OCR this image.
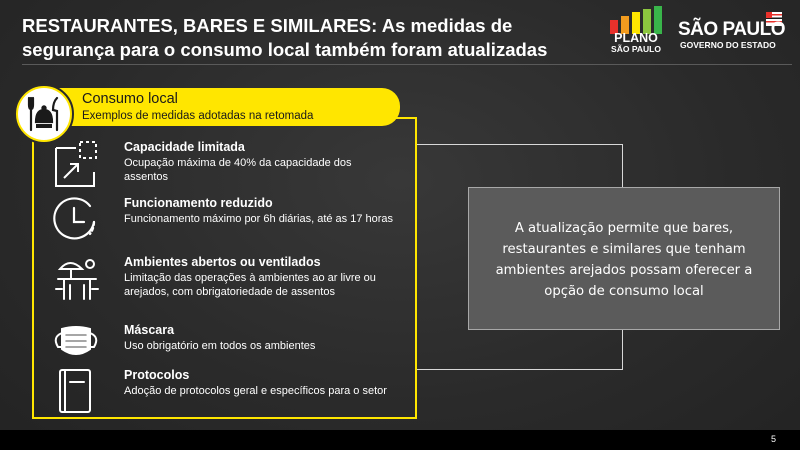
RESTAURANTES, BARES E SIMILARES: As medidas de segurança para o consumo local também foram atualizadas
PLANO
SÃO PAULO
SÃO PAULO
GOVERNO DO ESTADO
Consumo local
Exemplos de medidas adotadas na retomada
Capacidade limitada
Ocupação máxima de 40% da capacidade dos assentos
Funcionamento reduzido
Funcionamento máximo por 6h diárias, até as 17 horas
Ambientes abertos ou ventilados
Limitação das operações à ambientes ao ar livre ou arejados, com obrigatoriedade de assentos
Máscara
Uso obrigatório em todos os ambientes
Protocolos
Adoção de protocolos geral e específicos para o setor
A atualização permite que bares, restaurantes e similares que tenham ambientes arejados possam oferecer a opção de consumo local
5
